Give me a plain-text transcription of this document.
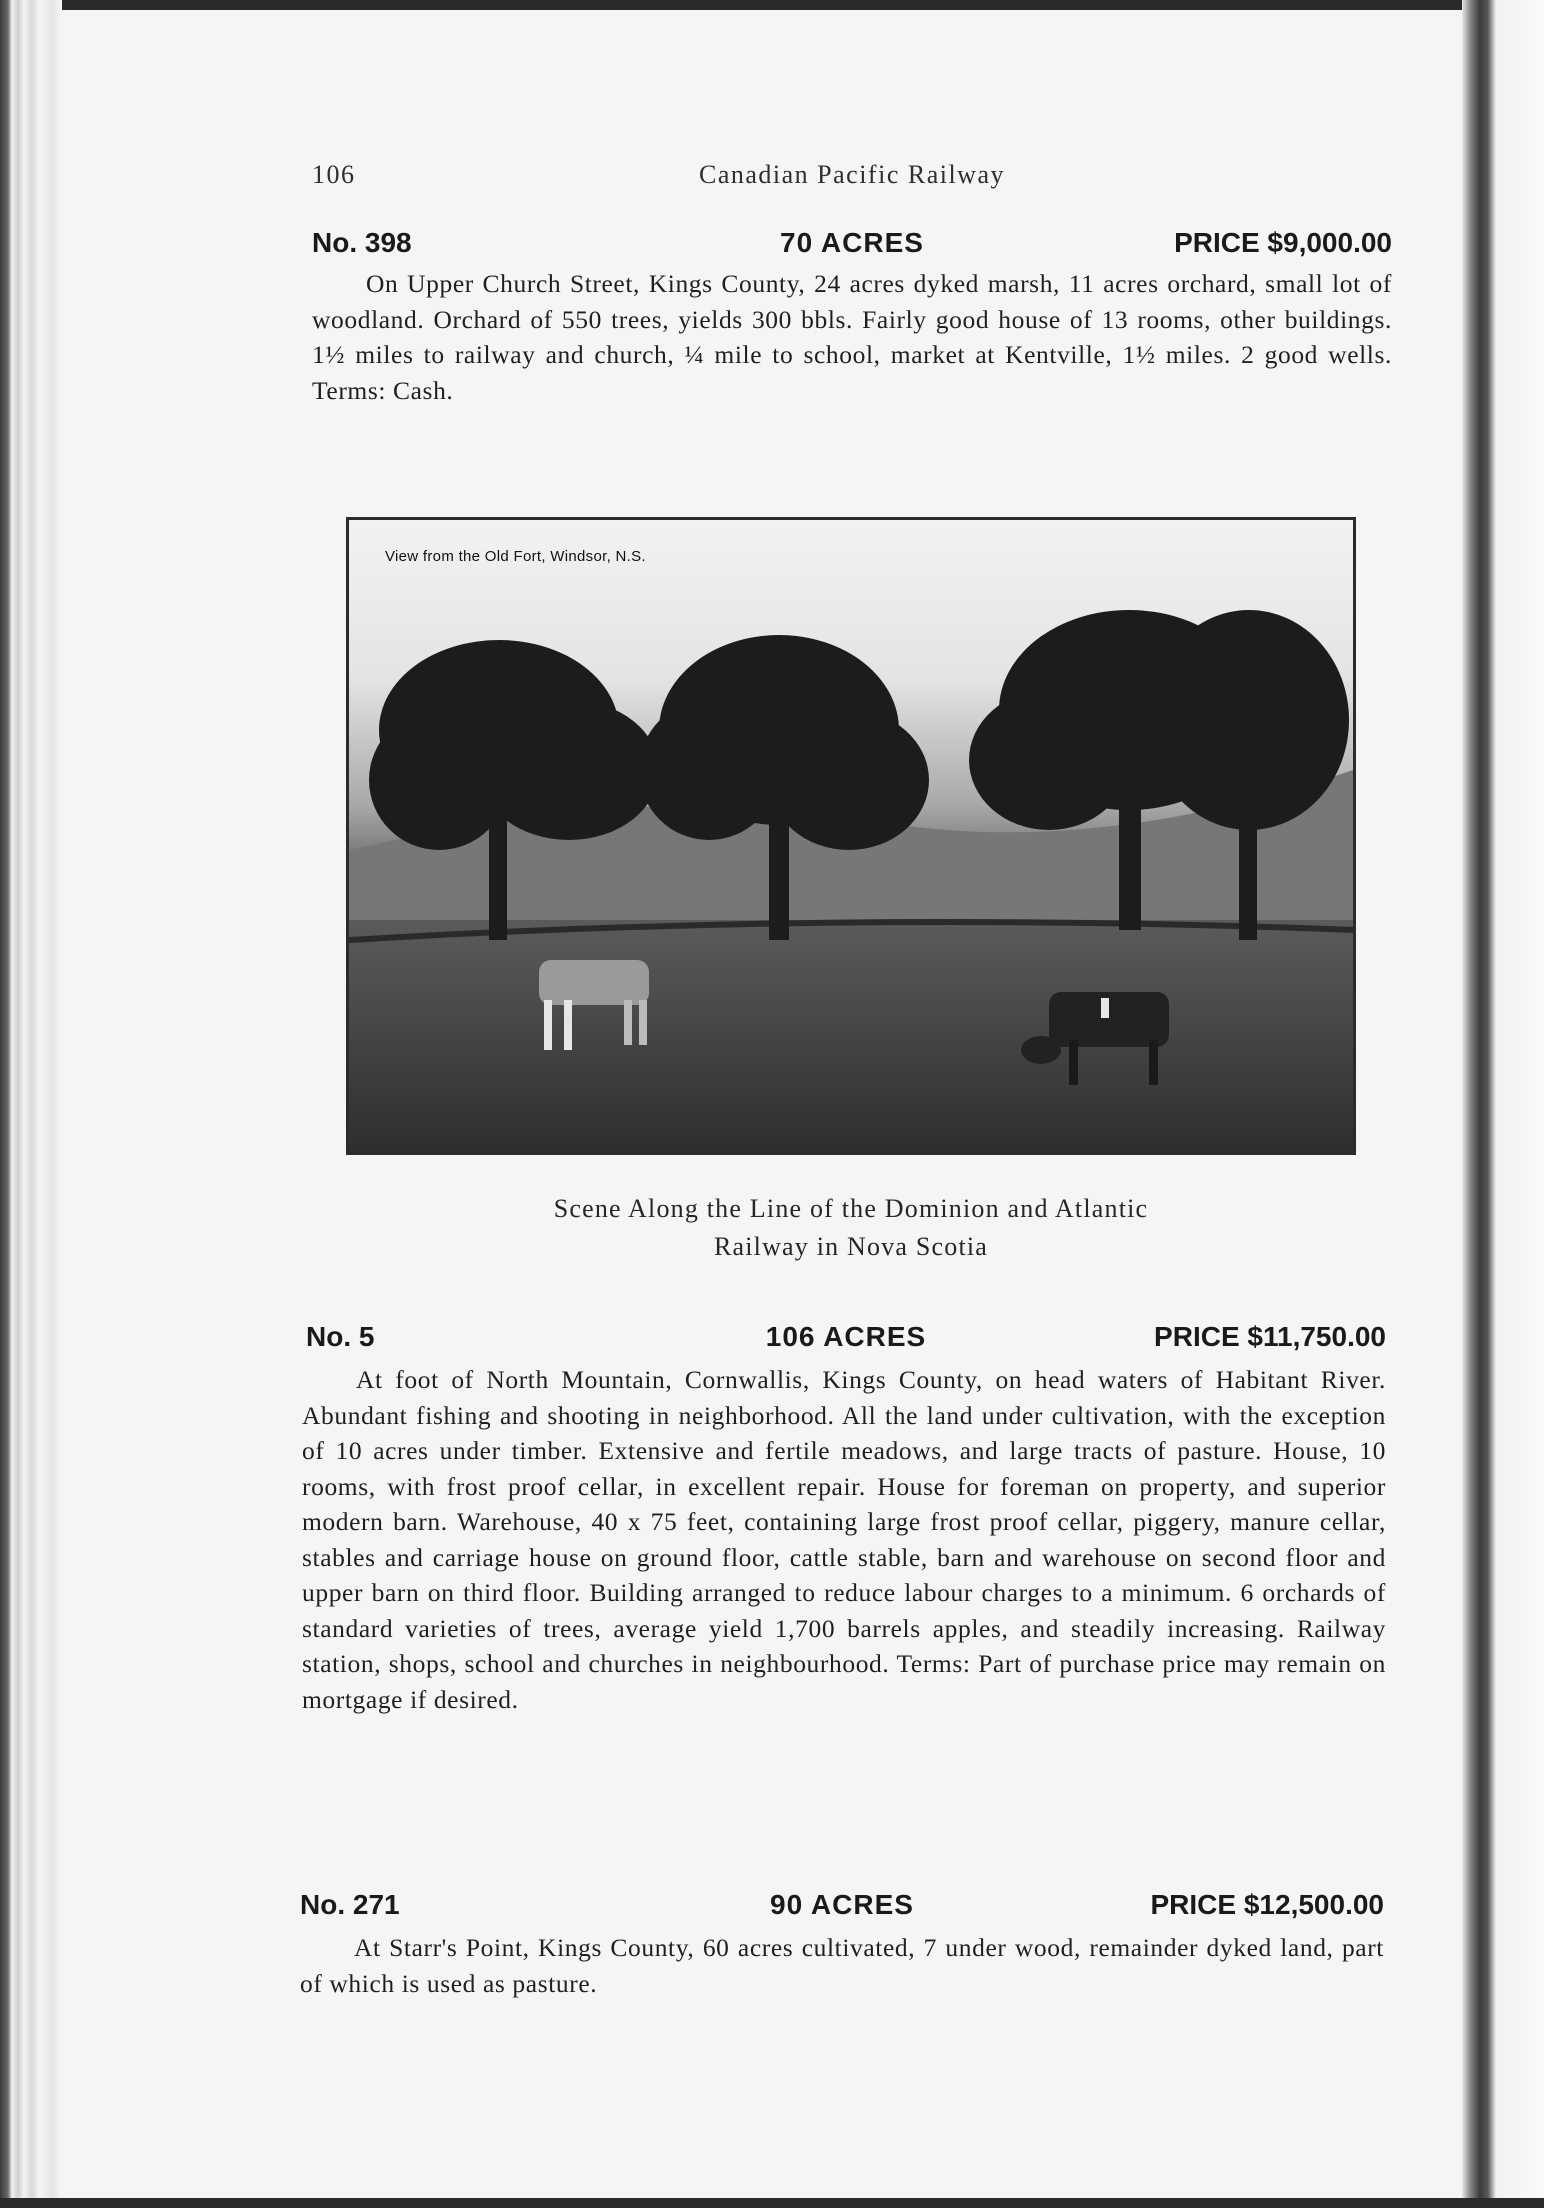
106	Canadian Pacific Railway
No. 398	70 ACRES	PRICE $9,000.00
On Upper Church Street, Kings County, 24 acres dyked marsh, 11 acres orchard, small lot of woodland. Orchard of 550 trees, yields 300 bbls. Fairly good house of 13 rooms, other buildings. 1½ miles to railway and church, ¼ mile to school, market at Kentville, 1½ miles. 2 good wells. Terms: Cash.
View from the Old Fort, Windsor, N.S.
Scene Along the Line of the Dominion and Atlantic
Railway in Nova Scotia
No. 5	106 ACRES	PRICE $11,750.00
At foot of North Mountain, Cornwallis, Kings County, on head waters of Habitant River. Abundant fishing and shooting in neighborhood. All the land under cultivation, with the exception of 10 acres under timber. Extensive and fertile meadows, and large tracts of pasture. House, 10 rooms, with frost proof cellar, in excellent repair. House for foreman on property, and superior modern barn. Warehouse, 40 x 75 feet, containing large frost proof cellar, piggery, manure cellar, stables and carriage house on ground floor, cattle stable, barn and warehouse on second floor and upper barn on third floor. Building arranged to reduce labour charges to a minimum. 6 orchards of standard varieties of trees, average yield 1,700 barrels apples, and steadily increasing. Railway station, shops, school and churches in neighbourhood. Terms: Part of purchase price may remain on mortgage if desired.
No. 271	90 ACRES	PRICE $12,500.00
At Starr's Point, Kings County, 60 acres cultivated, 7 under wood, remainder dyked land, part of which is used as pasture.
